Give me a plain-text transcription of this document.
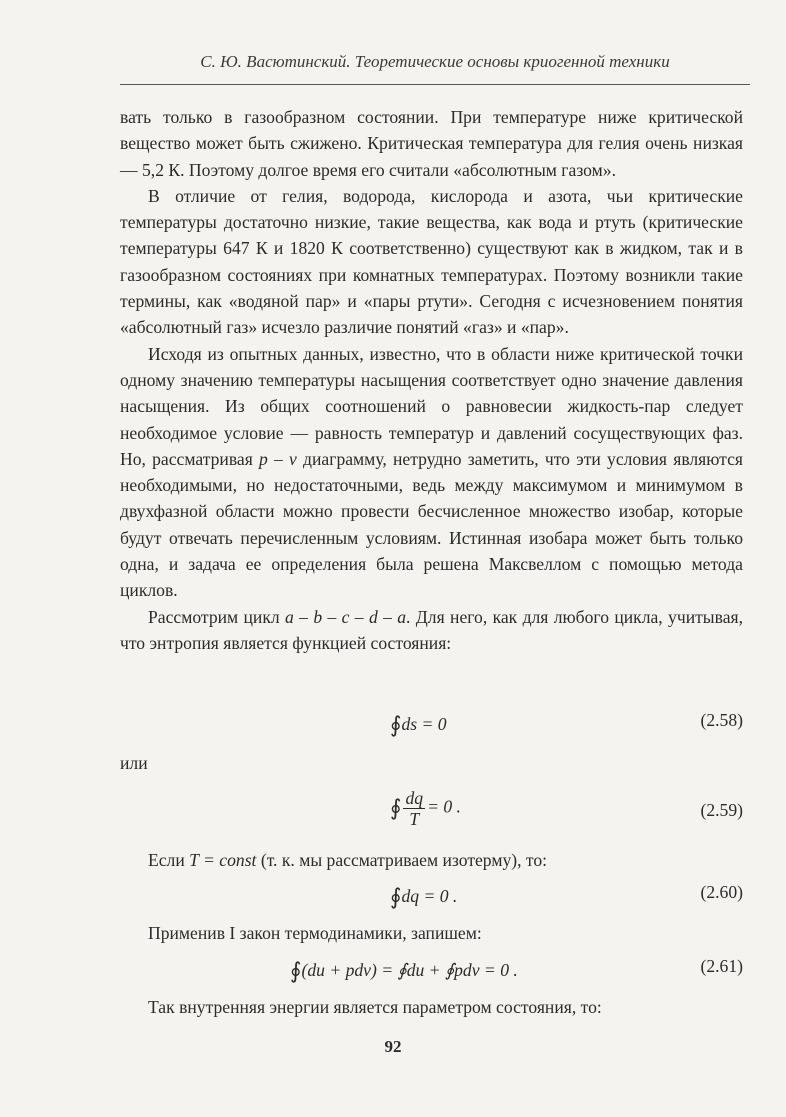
С. Ю. Васютинский. Теоретические основы криогенной техники

вать только в газообразном состоянии. При температуре ниже критической вещество может быть сжижено. Критическая температура для гелия очень низкая — 5,2 К. Поэтому долгое время его считали «абсолютным газом».

В отличие от гелия, водорода, кислорода и азота, чьи критические температуры достаточно низкие, такие вещества, как вода и ртуть (критические температуры 647 К и 1820 К соответственно) существуют как в жидком, так и в газообразном состояниях при комнатных температурах. Поэтому возникли такие термины, как «водяной пар» и «пары ртути». Сегодня с исчезновением понятия «абсолютный газ» исчезло различие понятий «газ» и «пар».

Исходя из опытных данных, известно, что в области ниже критической точки одному значению температуры насыщения соответствует одно значение давления насыщения. Из общих соотношений о равновесии жидкость-пар следует необходимое условие — равность температур и давлений сосуществующих фаз. Но, рассматривая p – v диаграмму, нетрудно заметить, что эти условия являются необходимыми, но недостаточными, ведь между максимумом и минимумом в двухфазной области можно провести бесчисленное множество изобар, которые будут отвечать перечисленным условиям. Истинная изобара может быть только одна, и задача ее определения была решена Максвеллом с помощью метода циклов.

Рассмотрим цикл a – b – c – d – a. Для него, как для любого цикла, учитывая, что энтропия является функцией состояния:

∮ds = 0	(2.58)
или
∮ $\frac{dq}{T} = 0$ .	(2.59)
Если T = const (т. к. мы рассматриваем изотерму), то:
∮dq = 0 .	(2.60)
Применив I закон термодинамики, запишем:
∮(du + pdv) = ∮du + ∮pdv = 0 .	(2.61)
Так внутренняя энергии является параметром состояния, то:
92
